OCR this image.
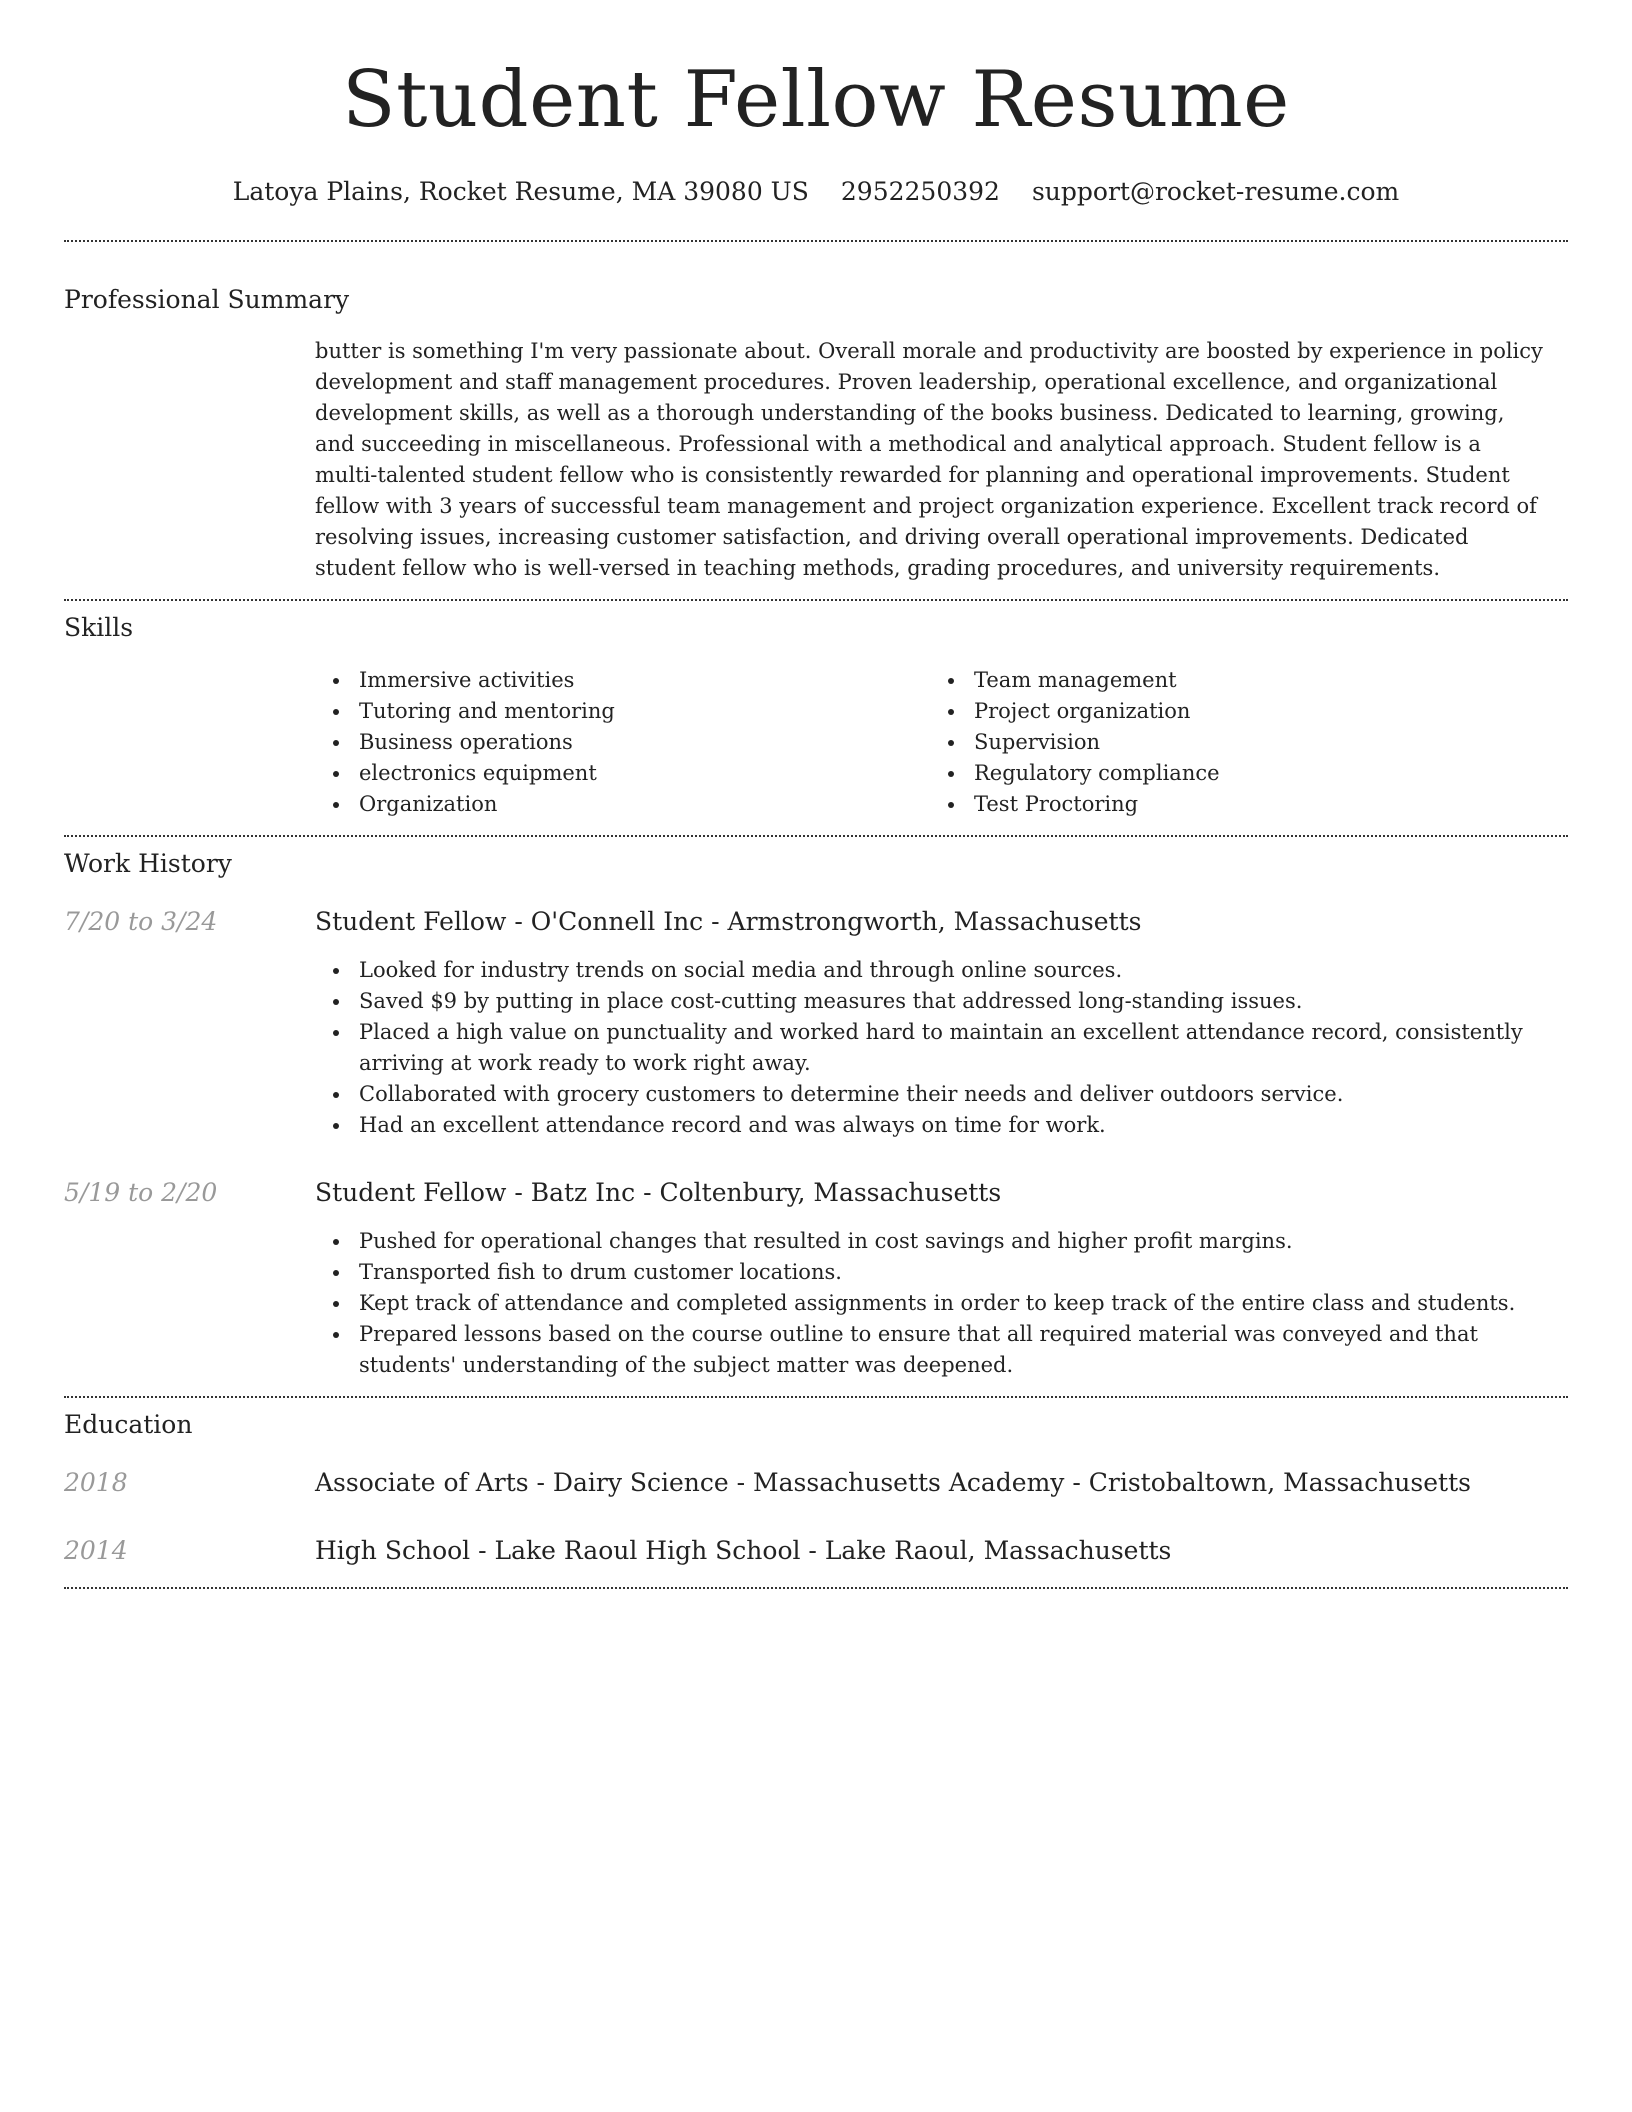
Student Fellow Resume
Latoya Plains, Rocket Resume, MA 39080 US 2952250392 support@rocket-resume.com
Professional Summary
butter is something I'm very passionate about. Overall morale and productivity are boosted by experience in policy development and staff management procedures. Proven leadership, operational excellence, and organizational development skills, as well as a thorough understanding of the books business. Dedicated to learning, growing, and succeeding in miscellaneous. Professional with a methodical and analytical approach. Student fellow is a multi-talented student fellow who is consistently rewarded for planning and operational improvements. Student fellow with 3 years of successful team management and project organization experience. Excellent track record of resolving issues, increasing customer satisfaction, and driving overall operational improvements. Dedicated student fellow who is well-versed in teaching methods, grading procedures, and university requirements.
Skills
Immersive activities
Tutoring and mentoring
Business operations
electronics equipment
Organization
Team management
Project organization
Supervision
Regulatory compliance
Test Proctoring
Work History
7/20 to 3/24	Student Fellow - O'Connell Inc - Armstrongworth, Massachusetts
Looked for industry trends on social media and through online sources.
Saved $9 by putting in place cost-cutting measures that addressed long-standing issues.
Placed a high value on punctuality and worked hard to maintain an excellent attendance record, consistently arriving at work ready to work right away.
Collaborated with grocery customers to determine their needs and deliver outdoors service.
Had an excellent attendance record and was always on time for work.
5/19 to 2/20	Student Fellow - Batz Inc - Coltenbury, Massachusetts
Pushed for operational changes that resulted in cost savings and higher profit margins.
Transported fish to drum customer locations.
Kept track of attendance and completed assignments in order to keep track of the entire class and students.
Prepared lessons based on the course outline to ensure that all required material was conveyed and that students' understanding of the subject matter was deepened.
Education
2018	Associate of Arts - Dairy Science - Massachusetts Academy - Cristobaltown, Massachusetts
2014	High School - Lake Raoul High School - Lake Raoul, Massachusetts
